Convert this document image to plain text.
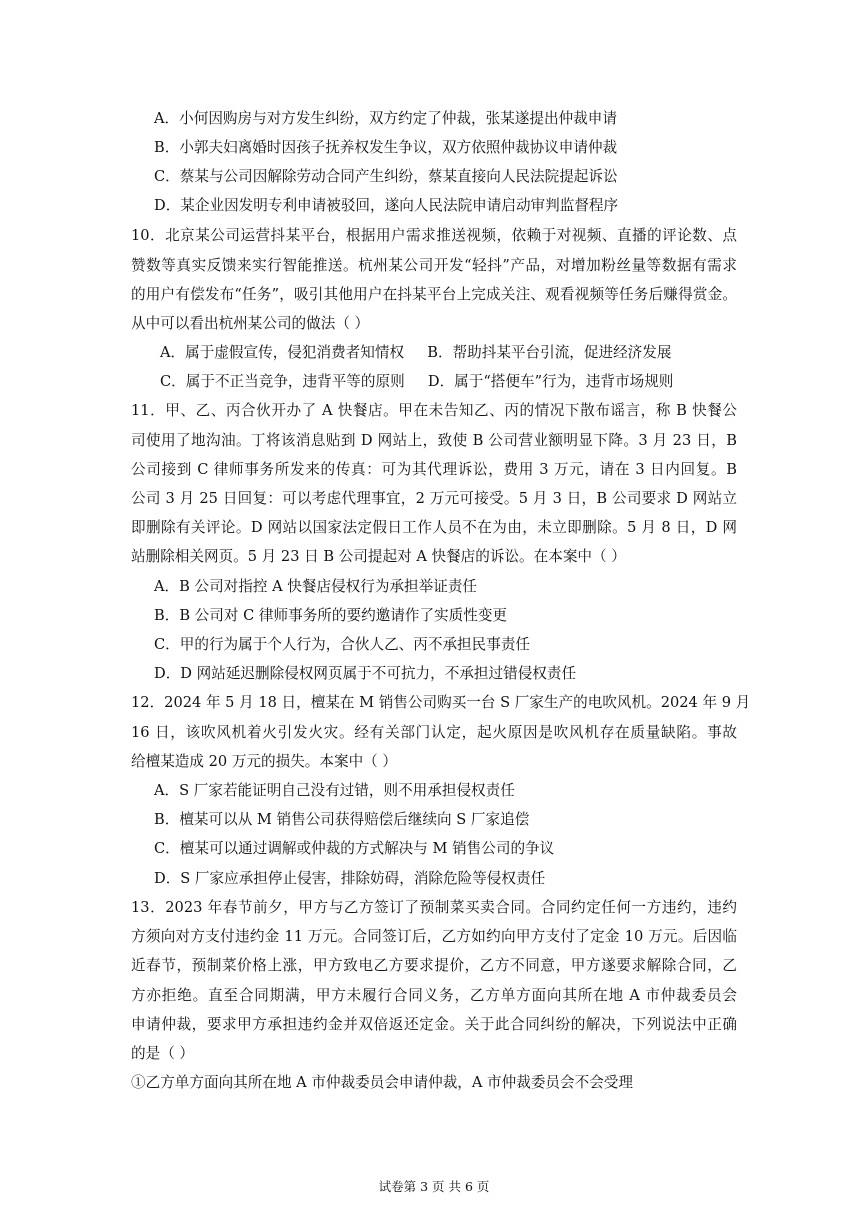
A．小何因购房与对方发生纠纷，双方约定了仲裁，张某遂提出仲裁申请
B．小郭夫妇离婚时因孩子抚养权发生争议，双方依照仲裁协议申请仲裁
C．蔡某与公司因解除劳动合同产生纠纷，蔡某直接向人民法院提起诉讼
D．某企业因发明专利申请被驳回，遂向人民法院申请启动审判监督程序
10．北京某公司运营抖某平台，根据用户需求推送视频，依赖于对视频、直播的评论数、点
赞数等真实反馈来实行智能推送。杭州某公司开发“轻抖”产品，对增加粉丝量等数据有需求
的用户有偿发布“任务”，吸引其他用户在抖某平台上完成关注、观看视频等任务后赚得赏金。
从中可以看出杭州某公司的做法（ ）
A．属于虚假宣传，侵犯消费者知情权     B．帮助抖某平台引流，促进经济发展
C．属于不正当竞争，违背平等的原则     D．属于“搭便车”行为，违背市场规则
11．甲、乙、丙合伙开办了 A 快餐店。甲在未告知乙、丙的情况下散布谣言，称 B 快餐公
司使用了地沟油。丁将该消息贴到 D 网站上，致使 B 公司营业额明显下降。3 月 23 日，B
公司接到 C 律师事务所发来的传真：可为其代理诉讼，费用 3 万元，请在 3 日内回复。B
公司 3 月 25 日回复：可以考虑代理事宜，2 万元可接受。5 月 3 日，B 公司要求 D 网站立
即删除有关评论。D 网站以国家法定假日工作人员不在为由，未立即删除。5 月 8 日，D 网
站删除相关网页。5 月 23 日 B 公司提起对 A 快餐店的诉讼。在本案中（ ）
A．B 公司对指控 A 快餐店侵权行为承担举证责任
B．B 公司对 C 律师事务所的要约邀请作了实质性变更
C．甲的行为属于个人行为，合伙人乙、丙不承担民事责任
D．D 网站延迟删除侵权网页属于不可抗力，不承担过错侵权责任
12．2024 年 5 月 18 日，檀某在 M 销售公司购买一台 S 厂家生产的电吹风机。2024 年 9 月
16 日，该吹风机着火引发火灾。经有关部门认定，起火原因是吹风机存在质量缺陷。事故
给檀某造成 20 万元的损失。本案中（ ）
A．S 厂家若能证明自己没有过错，则不用承担侵权责任
B．檀某可以从 M 销售公司获得赔偿后继续向 S 厂家追偿
C．檀某可以通过调解或仲裁的方式解决与 M 销售公司的争议
D．S 厂家应承担停止侵害，排除妨碍，消除危险等侵权责任
13．2023 年春节前夕，甲方与乙方签订了预制菜买卖合同。合同约定任何一方违约，违约
方须向对方支付违约金 11 万元。合同签订后，乙方如约向甲方支付了定金 10 万元。后因临
近春节，预制菜价格上涨，甲方致电乙方要求提价，乙方不同意，甲方遂要求解除合同，乙
方亦拒绝。直至合同期满，甲方未履行合同义务，乙方单方面向其所在地 A 市仲裁委员会
申请仲裁，要求甲方承担违约金并双倍返还定金。关于此合同纠纷的解决，下列说法中正确
的是（ ）
①乙方单方面向其所在地 A 市仲裁委员会申请仲裁，A 市仲裁委员会不会受理
试卷第 3 页 共 6 页
